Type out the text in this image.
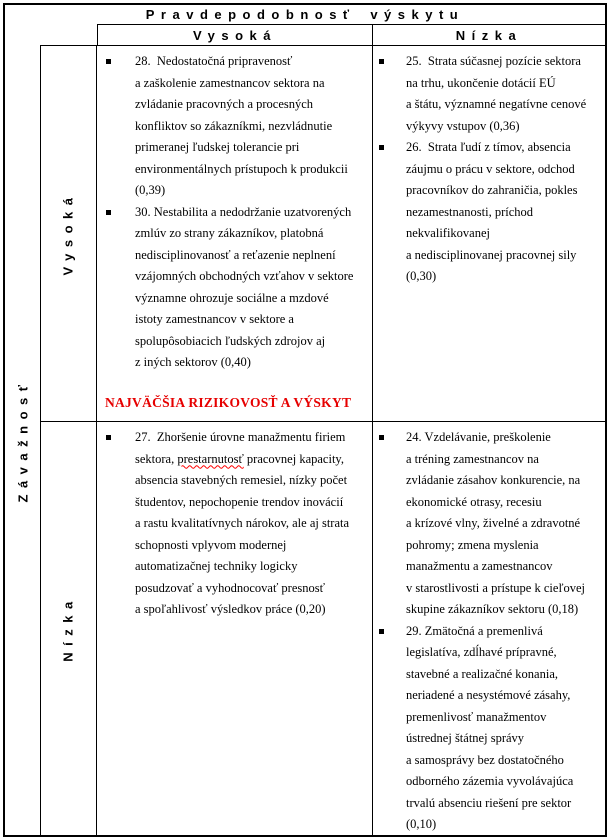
Pravdepodobnosť výskytu
Vysoká	Nízka
Závažnosť
Vysoká
Nízka
28.  Nedostatočná pripravenosť
a zaškolenie zamestnancov sektora na
zvládanie pracovných a procesných
konfliktov so zákazníkmi, nezvládnutie
primeranej ľudskej tolerancie pri
environmentálnych prístupoch k produkcii
(0,39)
30. Nestabilita a nedodržanie uzatvorených
zmlúv zo strany zákazníkov, platobná
nedisciplinovanosť a reťazenie neplnení
vzájomných obchodných vzťahov v sektore
významne ohrozuje sociálne a mzdové
istoty zamestnancov v sektore a
spolupôsobiacich ľudských zdrojov aj
z iných sektorov (0,40)
NAJVÄČŠIA RIZIKOVOSŤ A VÝSKYT
25.  Strata súčasnej pozície sektora
na trhu, ukončenie dotácií EÚ
a štátu, významné negatívne cenové
výkyvy vstupov (0,36)
26.  Strata ľudí z tímov, absencia
záujmu o prácu v sektore, odchod
pracovníkov do zahraničia, pokles
nezamestnanosti, príchod
nekvalifikovanej
a nedisciplinovanej pracovnej sily
(0,30)
27.  Zhoršenie úrovne manažmentu firiem
sektora, prestarnutosť pracovnej kapacity,
absencia stavebných remesiel, nízky počet
študentov, nepochopenie trendov inovácií
a rastu kvalitatívnych nárokov, ale aj strata
schopnosti vplyvom modernej
automatizačnej techniky logicky
posudzovať a vyhodnocovať presnosť
a spoľahlivosť výsledkov práce (0,20)
24. Vzdelávanie, preškolenie
a tréning zamestnancov na
zvládanie zásahov konkurencie, na
ekonomické otrasy, recesiu
a krízové vlny, živelné a zdravotné
pohromy; zmena myslenia
manažmentu a zamestnancov
v starostlivosti a prístupe k cieľovej
skupine zákazníkov sektoru (0,18)
29. Zmätočná a premenlivá
legislatíva, zdĺhavé prípravné,
stavebné a realizačné konania,
neriadené a nesystémové zásahy,
premenlivosť manažmentov
ústrednej štátnej správy
a samosprávy bez dostatočného
odborného zázemia vyvolávajúca
trvalú absenciu riešení pre sektor
(0,10)
